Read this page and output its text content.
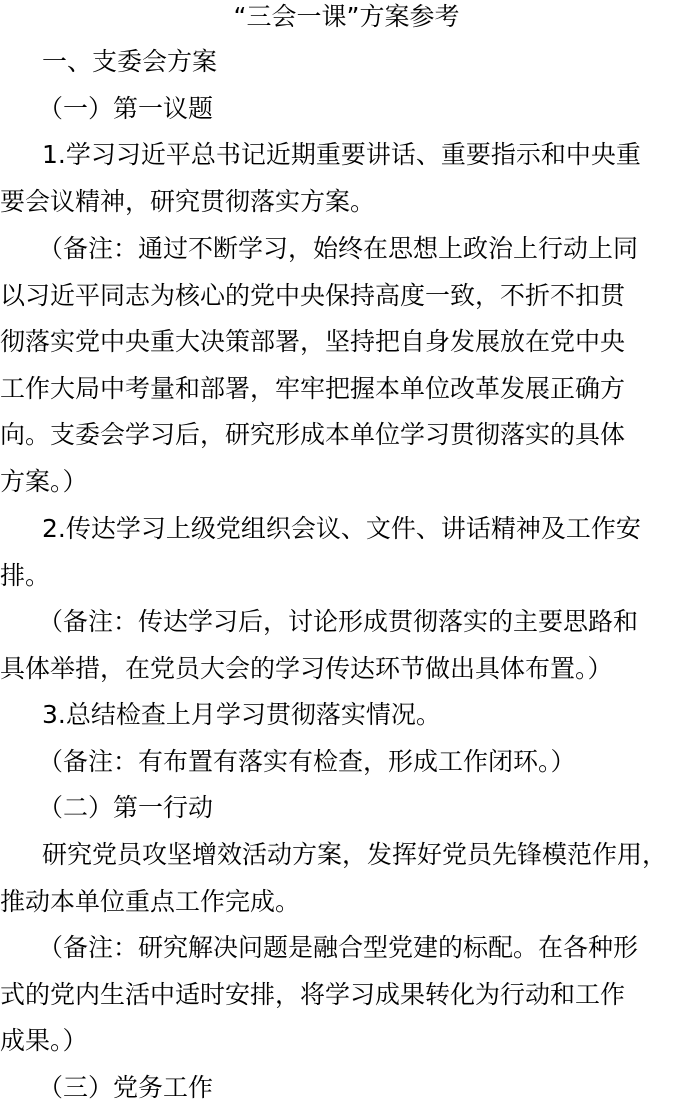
“三会一课”方案参考
一、支委会方案
（一）第一议题
1.学习习近平总书记近期重要讲话、重要指示和中央重
要会议精神，研究贯彻落实方案。
（备注：通过不断学习，始终在思想上政治上行动上同
以习近平同志为核心的党中央保持高度一致，不折不扣贯
彻落实党中央重大决策部署，坚持把自身发展放在党中央
工作大局中考量和部署，牢牢把握本单位改革发展正确方
向。支委会学习后，研究形成本单位学习贯彻落实的具体
方案。）
2.传达学习上级党组织会议、文件、讲话精神及工作安
排。
（备注：传达学习后，讨论形成贯彻落实的主要思路和
具体举措，在党员大会的学习传达环节做出具体布置。）
3.总结检查上月学习贯彻落实情况。
（备注：有布置有落实有检查，形成工作闭环。）
（二）第一行动
研究党员攻坚增效活动方案，发挥好党员先锋模范作用，
推动本单位重点工作完成。
（备注：研究解决问题是融合型党建的标配。在各种形
式的党内生活中适时安排，将学习成果转化为行动和工作
成果。）
（三）党务工作
